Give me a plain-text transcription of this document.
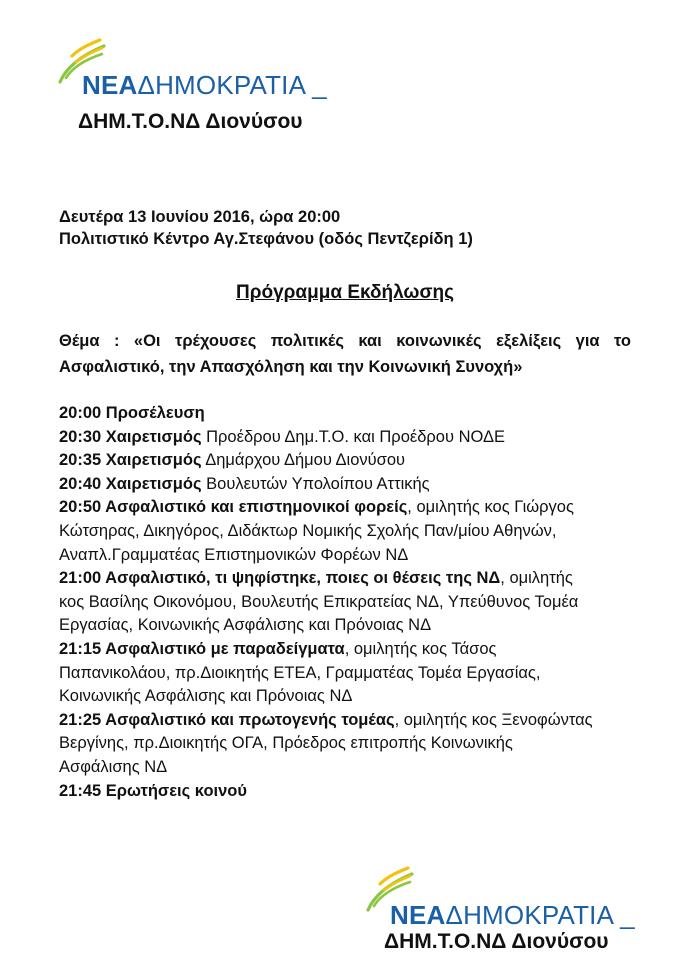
ΝΕΑΔΗΜΟΚΡΑΤΙΑ _
ΔΗΜ.Τ.Ο.ΝΔ Διονύσου
Δευτέρα 13 Ιουνίου 2016, ώρα 20:00
Πολιτιστικό Κέντρο Αγ.Στεφάνου (οδός Πεντζερίδη 1)
Πρόγραμμα Εκδήλωσης
Θέμα : «Οι τρέχουσες πολιτικές και κοινωνικές εξελίξεις για το Ασφαλιστικό, την Απασχόληση και την Κοινωνική Συνοχή»
20:00 Προσέλευση
20:30 Χαιρετισμός Προέδρου Δημ.Τ.Ο. και Προέδρου ΝΟΔΕ
20:35 Χαιρετισμός Δημάρχου Δήμου Διονύσου
20:40 Χαιρετισμός Βουλευτών Υπολοίπου Αττικής
20:50 Ασφαλιστικό και επιστημονικοί φορείς, ομιλητής κος Γιώργος
Κώτσηρας, Δικηγόρος, Διδάκτωρ Νομικής Σχολής Παν/μίου Αθηνών,
Αναπλ.Γραμματέας Επιστημονικών Φορέων ΝΔ
21:00 Ασφαλιστικό, τι ψηφίστηκε, ποιες οι θέσεις της ΝΔ, ομιλητής
κος Βασίλης Οικονόμου, Βουλευτής Επικρατείας ΝΔ, Υπεύθυνος Τομέα
Εργασίας, Κοινωνικής Ασφάλισης και Πρόνοιας ΝΔ
21:15 Ασφαλιστικό με παραδείγματα, ομιλητής κος Τάσος
Παπανικολάου, πρ.Διοικητής ΕΤΕΑ, Γραμματέας Τομέα Εργασίας,
Κοινωνικής Ασφάλισης και Πρόνοιας ΝΔ
21:25 Ασφαλιστικό και πρωτογενής τομέας, ομιλητής κος Ξενοφώντας
Βεργίνης, πρ.Διοικητής ΟΓΑ, Πρόεδρος επιτροπής Κοινωνικής
Ασφάλισης ΝΔ
21:45 Ερωτήσεις κοινού
ΝΕΑΔΗΜΟΚΡΑΤΙΑ _
ΔΗΜ.Τ.Ο.ΝΔ Διονύσου
